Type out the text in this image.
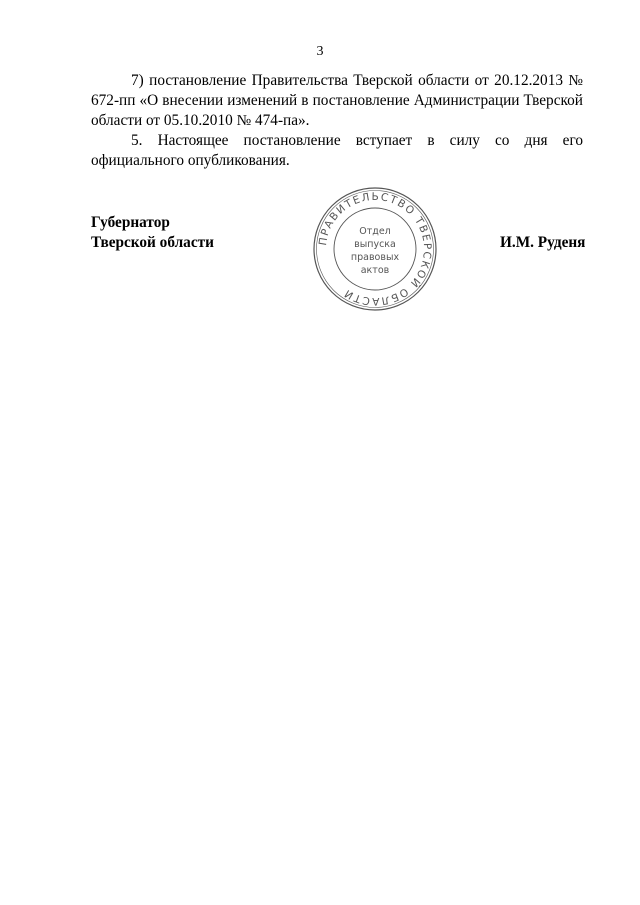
3

7) постановление Правительства Тверской области от 20.12.2013 № 672-пп «О внесении изменений в постановление Администрации Тверской области от 05.10.2010 № 474-па».

5. Настоящее постановление вступает в силу со дня его официального опубликования.

Губернатор
Тверской области	ПРАВИТЕЛЬСТВО ТВЕРСКОЙ ОБЛАСТИ
Отдел
выпуска
правовых
актов
И.М. Руденя
